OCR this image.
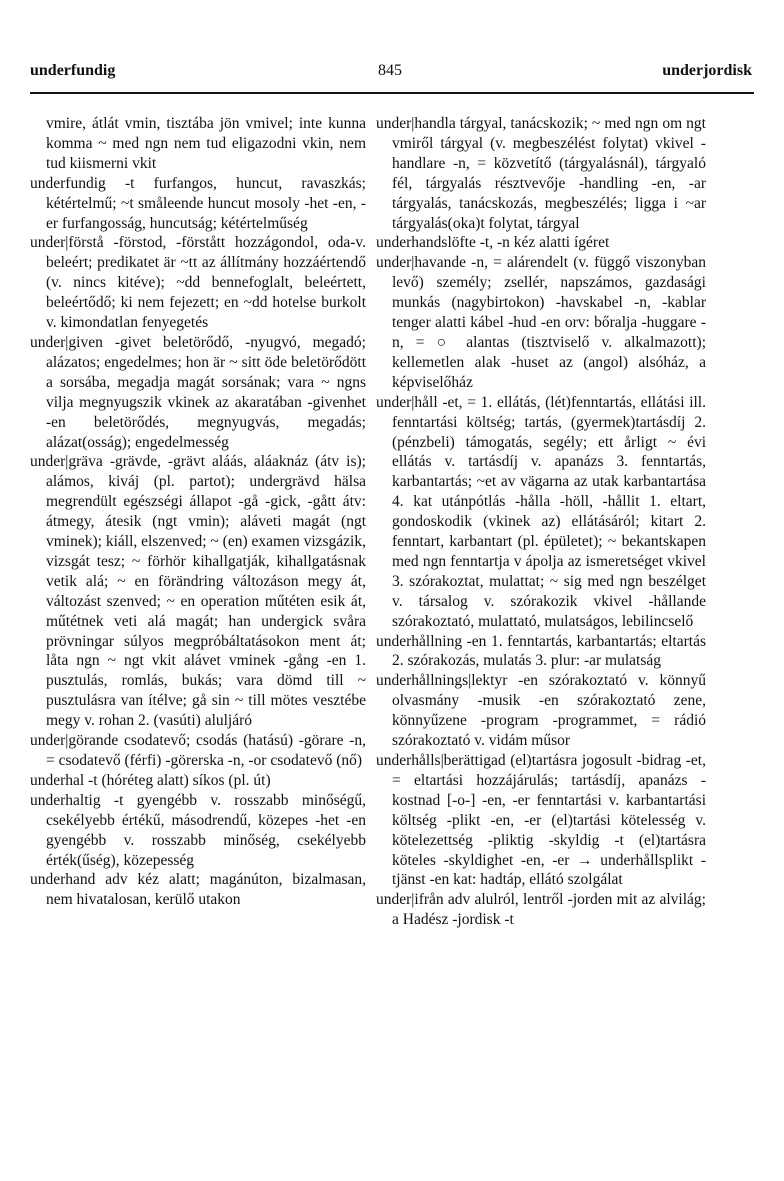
underfundig	845	underjordisk

vmire, átlát vmin, tisztába jön vmivel; inte kunna komma ~ med ngn nem tud eligazodni vkin, nem tud kiismerni vkit

underfundig -t furfangos, huncut, ravaszkás; kétértelmű; ~t småleende huncut mosoly -het -en, -er furfangosság, huncutság; kétértelműség

under|förstå -förstod, -förstått hozzágondol, oda-v. beleért; predikatet är ~tt az állítmány hozzáértendő (v. nincs kitéve); ~dd bennefoglalt, beleértett, beleértődő; ki nem fejezett; en ~dd hotelse burkolt v. kimondatlan fenyegetés

under|given -givet beletörődő, -nyugvó, megadó; alázatos; engedelmes; hon är ~ sitt öde beletörődött a sorsába, megadja magát sorsának; vara ~ ngns vilja megnyugszik vkinek az akaratában -givenhet -en beletörődés, megnyugvás, megadás; alázat(osság); engedelmesség

under|gräva -grävde, -grävt aláás, aláaknáz (átv is); alámos, kiváj (pl. partot); undergrävd hälsa megrendült egészségi állapot -gå -gick, -gått átv: átmegy, átesik (ngt vmin); aláveti magát (ngt vminek); kiáll, elszenved; ~ (en) examen vizsgázik, vizsgát tesz; ~ förhör kihallgatják, kihallgatásnak vetik alá; ~ en förändring változáson megy át, változást szenved; ~ en operation műtéten esik át, műtétnek veti alá magát; han undergick svåra prövningar súlyos megpróbáltatásokon ment át; låta ngn ~ ngt vkit alávet vminek -gång -en 1. pusztulás, romlás, bukás; vara dömd till ~ pusztulásra van ítélve; gå sin ~ till mötes vesztébe megy v. rohan 2. (vasúti) aluljáró

under|görande csodatevő; csodás (hatású) -görare -n, = csodatevő (férfi) -görerska -n, -or csodatevő (nő)

underhal -t (hóréteg alatt) síkos (pl. út)

underhaltig -t gyengébb v. rosszabb minőségű, csekélyebb értékű, másodrendű, közepes -het -en gyengébb v. rosszabb minőség, csekélyebb érték(űség), közepesség

underhand adv kéz alatt; magánúton, bizalmasan, nem hivatalosan, kerülő utakon

under|handla tárgyal, tanácskozik; ~ med ngn om ngt vmiről tárgyal (v. megbeszélést folytat) vkivel -handlare -n, = közvetítő (tárgyalásnál), tárgyaló fél, tárgyalás résztvevője -handling -en, -ar tárgyalás, tanácskozás, megbeszélés; ligga i ~ar tárgyalás(oka)t folytat, tárgyal

underhandslöfte -t, -n kéz alatti ígéret

under|havande -n, = alárendelt (v. függő viszonyban levő) személy; zsellér, napszámos, gazdasági munkás (nagybirtokon) -havskabel -n, -kablar tenger alatti kábel -hud -en orv: bőralja -huggare -n, = ○ alantas (tisztviselő v. alkalmazott); kellemetlen alak -huset az (angol) alsóház, a képviselőház

under|håll -et, = 1. ellátás, (lét)fenntartás, ellátási ill. fenntartási költség; tartás, (gyermek)tartásdíj 2. (pénzbeli) támogatás, segély; ett årligt ~ évi ellátás v. tartásdíj v. apanázs 3. fenntartás, karbantartás; ~et av vägarna az utak karbantartása 4. kat utánpótlás -hålla -höll, -hållit 1. eltart, gondoskodik (vkinek az) ellátásáról; kitart 2. fenntart, karbantart (pl. épületet); ~ bekantskapen med ngn fenntartja v ápolja az ismeretséget vkivel 3. szórakoztat, mulattat; ~ sig med ngn beszélget v. társalog v. szórakozik vkivel -hållande szórakoztató, mulattató, mulatságos, lebilincselő

underhållning -en 1. fenntartás, karbantartás; eltartás 2. szórakozás, mulatás 3. plur: -ar mulatság

underhållnings|lektyr -en szórakoztató v. könnyű olvasmány -musik -en szórakoztató zene, könnyűzene -program -programmet, = rádió szórakoztató v. vidám műsor

underhålls|berättigad (el)tartásra jogosult -bidrag -et, = eltartási hozzájárulás; tartásdíj, apanázs -kostnad [-o-] -en, -er fenntartási v. karbantartási költség -plikt -en, -er (el)tartási kötelesség v. kötelezettség -pliktig -skyldig -t (el)tartásra köteles -skyldighet -en, -er → underhållsplikt -tjänst -en kat: hadtáp, ellátó szolgálat

under|ifrån adv alulról, lentről -jorden mit az alvilág; a Hadész -jordisk -t
